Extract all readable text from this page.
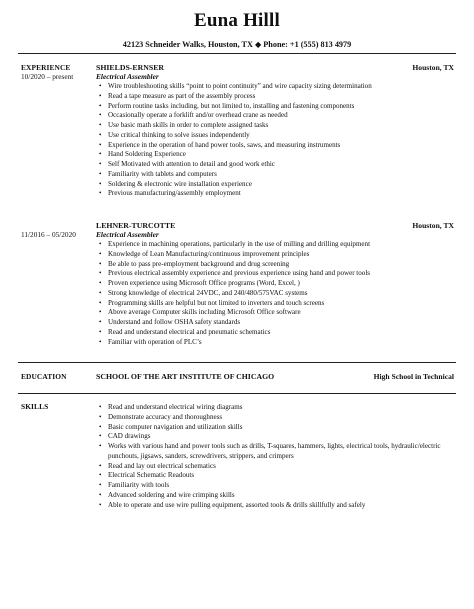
Euna Hilll
42123 Schneider Walks, Houston, TX ◆ Phone: +1 (555) 813 4979
EXPERIENCE
10/2020 – present
SHIELDS-ERNSER	Houston, TX
Electrical Assembler
• Wire troubleshooting skills “point to point continuity” and wire capacity sizing determination
• Read a tape measure as part of the assembly process
• Perform routine tasks including, but not limited to, installing and fastening components
• Occasionally operate a forklift and/or overhead crane as needed
• Use basic math skills in order to complete assigned tasks
• Use critical thinking to solve issues independently
• Experience in the operation of hand power tools, saws, and measuring instruments
• Hand Soldering Experience
• Self Motivated with attention to detail and good work ethic
• Familiarity with tablets and computers
• Soldering & electronic wire installation experience
• Previous manufacturing/assembly employment
11/2016 – 05/2020
LEHNER-TURCOTTE	Houston, TX
Electrical Assembler
• Experience in machining operations, particularly in the use of milling and drilling equipment
• Knowledge of Lean Manufacturing/continuous improvement principles
• Be able to pass pre-employment background and drug screening
• Previous electrical assembly experience and previous experience using hand and power tools
• Proven experience using Microsoft Office programs (Word, Excel, )
• Strong knowledge of electrical 24VDC, and 240/480/575VAC systems
• Programming skills are helpful but not limited to inverters and touch screens
• Above average Computer skills including Microsoft Office software
• Understand and follow OSHA safety standards
• Read and understand electrical and pneumatic schematics
• Familiar with operation of PLC’s
EDUCATION	SCHOOL OF THE ART INSTITUTE OF CHICAGO	High School in Technical
SKILLS
•	Read and understand electrical wiring diagrams
• Demonstrate accuracy and thoroughness
• Basic computer navigation and utilization skills
• CAD drawings
• Works with various hand and power tools such as drills, T-squares, hammers, lights, electrical tools, hydraulic/electric punchouts, jigsaws, sanders, screwdrivers, strippers, and crimpers
• Read and lay out electrical schematics
• Electrical Schematic Readouts
• Familiarity with tools
• Advanced soldering and wire crimping skills
• Able to operate and use wire pulling equipment, assorted tools & drills skillfully and safely
